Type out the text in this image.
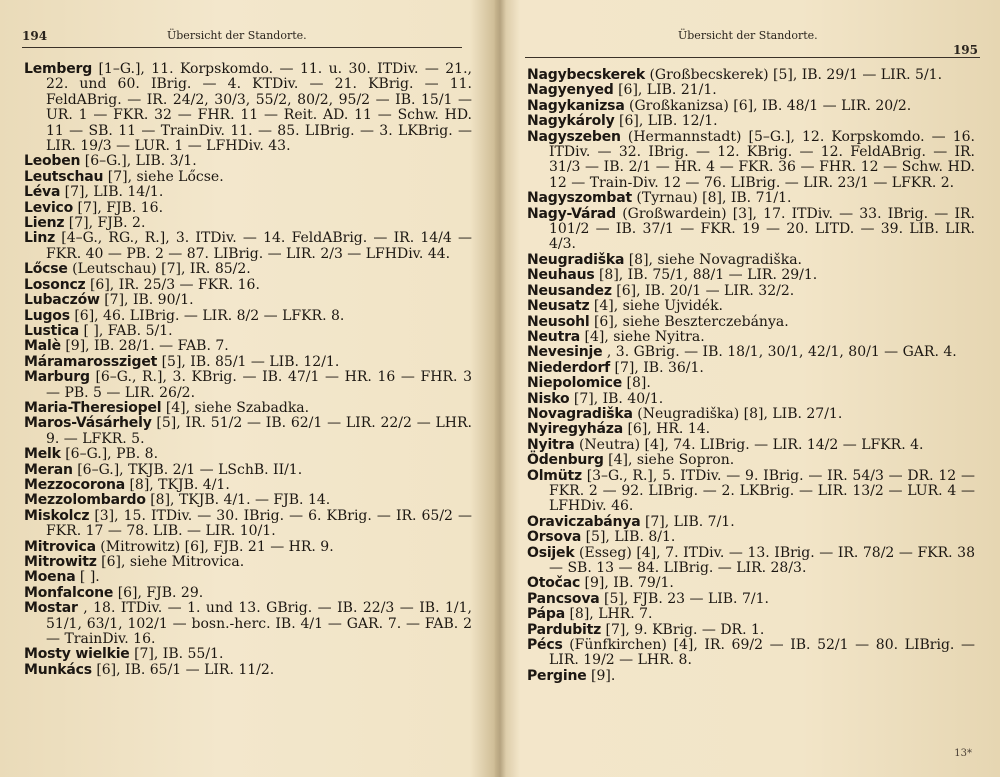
194	Übersicht der Standorte.
Lemberg [1–G.], 11. Korpskomdo. — 11. u. 30. ITDiv. — 21., 22. und 60. IBrig. — 4. KTDiv. — 21. KBrig. — 11. FeldABrig. — IR. 24/2, 30/3, 55/2, 80/2, 95/2 — IB. 15/1 — UR. 1 — FKR. 32 — FHR. 11 — Reit. AD. 11 — Schw. HD. 11 — SB. 11 — TrainDiv. 11. — 85. LIBrig. — 3. LKBrig. — LIR. 19/3 — LUR. 1 — LFHDiv. 43.
Leoben [6–G.], LIB. 3/1.
Leutschau [7], siehe Lőcse.
Léva [7], LIB. 14/1.
Levico [7], FJB. 16.
Lienz [7], FJB. 2.
Linz [4–G., RG., R.], 3. ITDiv. — 14. FeldABrig. — IR. 14/4 — FKR. 40 — PB. 2 — 87. LIBrig. — LIR. 2/3 — LFHDiv. 44.
Lőcse (Leutschau) [7], IR. 85/2.
Losoncz [6], IR. 25/3 — FKR. 16.
Lubaczów [7], IB. 90/1.
Lugos [6], 46. LIBrig. — LIR. 8/2 — LFKR. 8.
Lustica [ ], FAB. 5/1.
Malè [9], IB. 28/1. — FAB. 7.
Máramarossziget [5], IB. 85/1 — LIB. 12/1.
Marburg [6–G., R.], 3. KBrig. — IB. 47/1 — HR. 16 — FHR. 3 — PB. 5 — LIR. 26/2.
Maria-Theresiopel [4], siehe Szabadka.
Maros-Vásárhely [5], IR. 51/2 — IB. 62/1 — LIR. 22/2 — LHR. 9. — LFKR. 5.
Melk [6–G.], PB. 8.
Meran [6–G.], TKJB. 2/1 — LSchB. II/1.
Mezzocorona [8], TKJB. 4/1.
Mezzolombardo [8], TKJB. 4/1. — FJB. 14.
Miskolcz [3], 15. ITDiv. — 30. IBrig. — 6. KBrig. — IR. 65/2 — FKR. 17 — 78. LIB. — LIR. 10/1.
Mitrovica (Mitrowitz) [6], FJB. 21 — HR. 9.
Mitrowitz [6], siehe Mitrovica.
Moena [ ].
Monfalcone [6], FJB. 29.
Mostar , 18. ITDiv. — 1. und 13. GBrig. — IB. 22/3 — IB. 1/1, 51/1, 63/1, 102/1 — bosn.-herc. IB. 4/1 — GAR. 7. — FAB. 2 — TrainDiv. 16.
Mosty wielkie [7], IB. 55/1.
Munkács [6], IB. 65/1 — LIR. 11/2.
Übersicht der Standorte.
195
Nagybecskerek (Großbecskerek) [5], IB. 29/1 — LIR. 5/1.
Nagyenyed [6], LIB. 21/1.
Nagykanizsa (Großkanizsa) [6], IB. 48/1 — LIR. 20/2.
Nagykároly [6], LIB. 12/1.
Nagyszeben (Hermannstadt) [5–G.], 12. Korpskomdo. — 16. ITDiv. — 32. IBrig. — 12. KBrig. — 12. FeldABrig. — IR. 31/3 — IB. 2/1 — HR. 4 — FKR. 36 — FHR. 12 — Schw. HD. 12 — Train-Div. 12 — 76. LIBrig. — LIR. 23/1 — LFKR. 2.
Nagyszombat (Tyrnau) [8], IB. 71/1.
Nagy-Várad (Großwardein) [3], 17. ITDiv. — 33. IBrig. — IR. 101/2 — IB. 37/1 — FKR. 19 — 20. LITD. — 39. LIB. LIR. 4/3.
Neugradiška [8], siehe Novagradiška.
Neuhaus [8], IB. 75/1, 88/1 — LIR. 29/1.
Neusandez [6], IB. 20/1 — LIR. 32/2.
Neusatz [4], siehe Ujvidék.
Neusohl [6], siehe Beszterczebánya.
Neutra [4], siehe Nyitra.
Nevesinje , 3. GBrig. — IB. 18/1, 30/1, 42/1, 80/1 — GAR. 4.
Niederdorf [7], IB. 36/1.
Niepolomice [8].
Nisko [7], IB. 40/1.
Novagradiška (Neugradiška) [8], LIB. 27/1.
Nyiregyháza [6], HR. 14.
Nyitra (Neutra) [4], 74. LIBrig. — LIR. 14/2 — LFKR. 4.
Ödenburg [4], siehe Sopron.
Olmütz [3–G., R.], 5. ITDiv. — 9. IBrig. — IR. 54/3 — DR. 12 — FKR. 2 — 92. LIBrig. — 2. LKBrig. — LIR. 13/2 — LUR. 4 — LFHDiv. 46.
Oraviczabánya [7], LIB. 7/1.
Orsova [5], LIB. 8/1.
Osijek (Esseg) [4], 7. ITDiv. — 13. IBrig. — IR. 78/2 — FKR. 38 — SB. 13 — 84. LIBrig. — LIR. 28/3.
Otočac [9], IB. 79/1.
Pancsova [5], FJB. 23 — LIB. 7/1.
Pápa [8], LHR. 7.
Pardubitz [7], 9. KBrig. — DR. 1.
Pécs (Fünfkirchen) [4], IR. 69/2 — IB. 52/1 — 80. LIBrig. — LIR. 19/2 — LHR. 8.
Pergine [9].
13*
